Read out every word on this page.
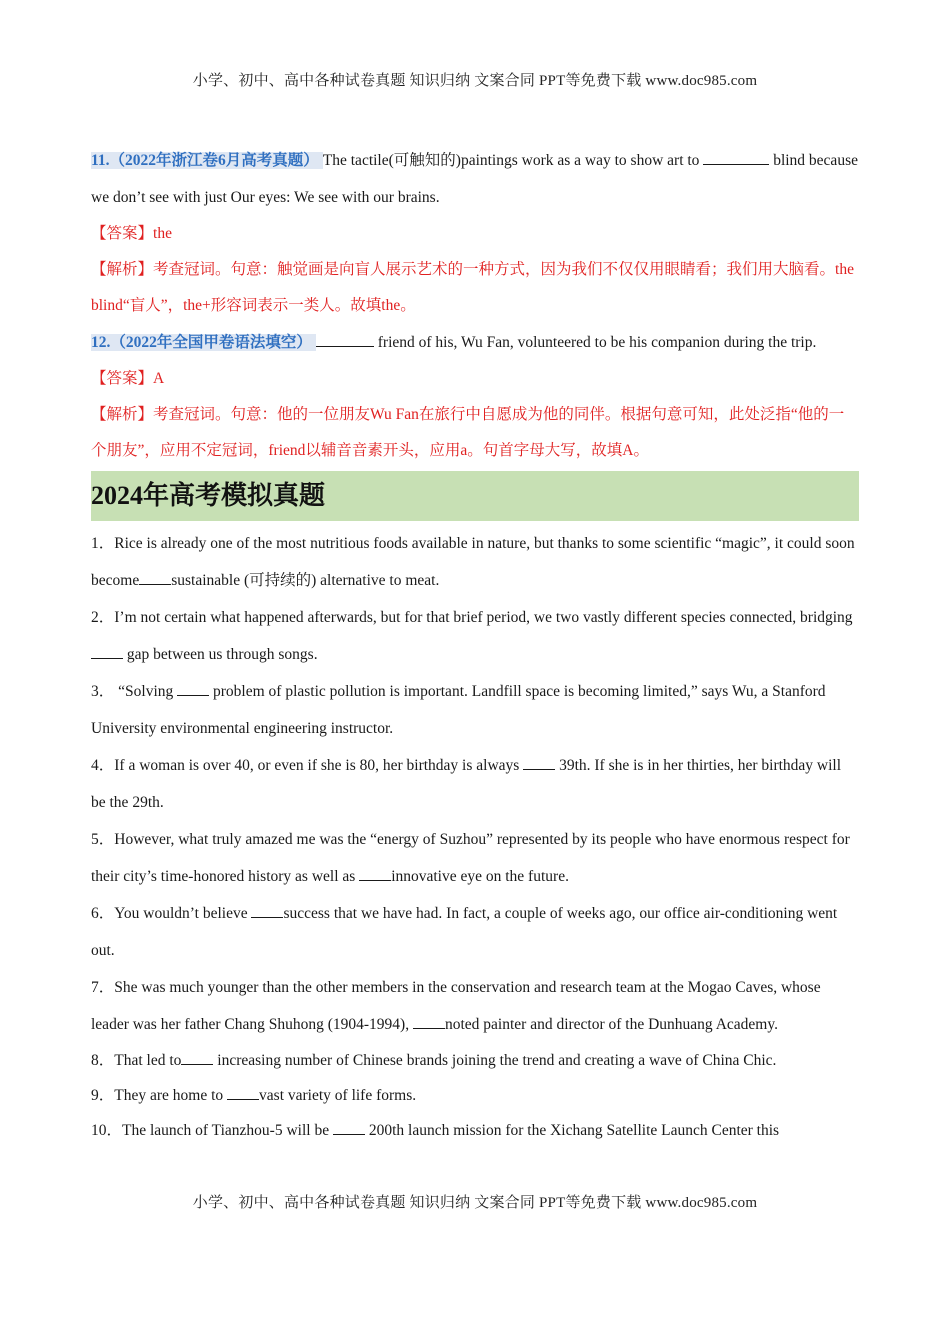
小学、初中、高中各种试卷真题 知识归纳 文案合同 PPT等免费下载 www.doc985.com

11.（2022年浙江卷6月高考真题） The tactile(可触知的)paintings work as a way to show art to	blind because we don’t see with just Our eyes: We see with our brains.

【答案】the

【解析】考查冠词。句意：触觉画是向盲人展示艺术的一种方式，因为我们不仅仅用眼睛看；我们用大脑看。the blind“盲人”，the+形容词表示一类人。故填the。

12.（2022年全国甲卷语法填空）	friend of his, Wu Fan, volunteered to be his companion during the trip.

【答案】A

【解析】考查冠词。句意：他的一位朋友Wu Fan在旅行中自愿成为他的同伴。根据句意可知，此处泛指“他的一个朋友”，应用不定冠词，friend以辅音音素开头，应用a。句首字母大写，故填A。

2024年高考模拟真题

1．Rice is already one of the most nutritious foods available in nature, but thanks to some scientific “magic”, it could soon become sustainable (可持续的) alternative to meat.

2．I’m not certain what happened afterwards, but for that brief period, we two vastly different species connected, bridging  gap between us through songs.

3． “Solving  problem of plastic pollution is important. Landfill space is becoming limited,” says Wu, a Stanford University environmental engineering instructor.

4．If a woman is over 40, or even if she is 80, her birthday is always  39th. If she is in her thirties, her birthday will be the 29th.

5．However, what truly amazed me was the “energy of Suzhou” represented by its people who have enormous respect for their city’s time-honored history as well as innovative eye on the future.

6．You wouldn’t believe success that we have had. In fact, a couple of weeks ago, our office air-conditioning went out.

7．She was much younger than the other members in the conservation and research team at the Mogao Caves, whose leader was her father Chang Shuhong (1904-1994), noted painter and director of the Dunhuang Academy.

8．That led to increasing number of Chinese brands joining the trend and creating a wave of China Chic.

9．They are home to vast variety of life forms.

10．The launch of Tianzhou-5 will be  200th launch mission for the Xichang Satellite Launch Center this

小学、初中、高中各种试卷真题 知识归纳 文案合同 PPT等免费下载 www.doc985.com
